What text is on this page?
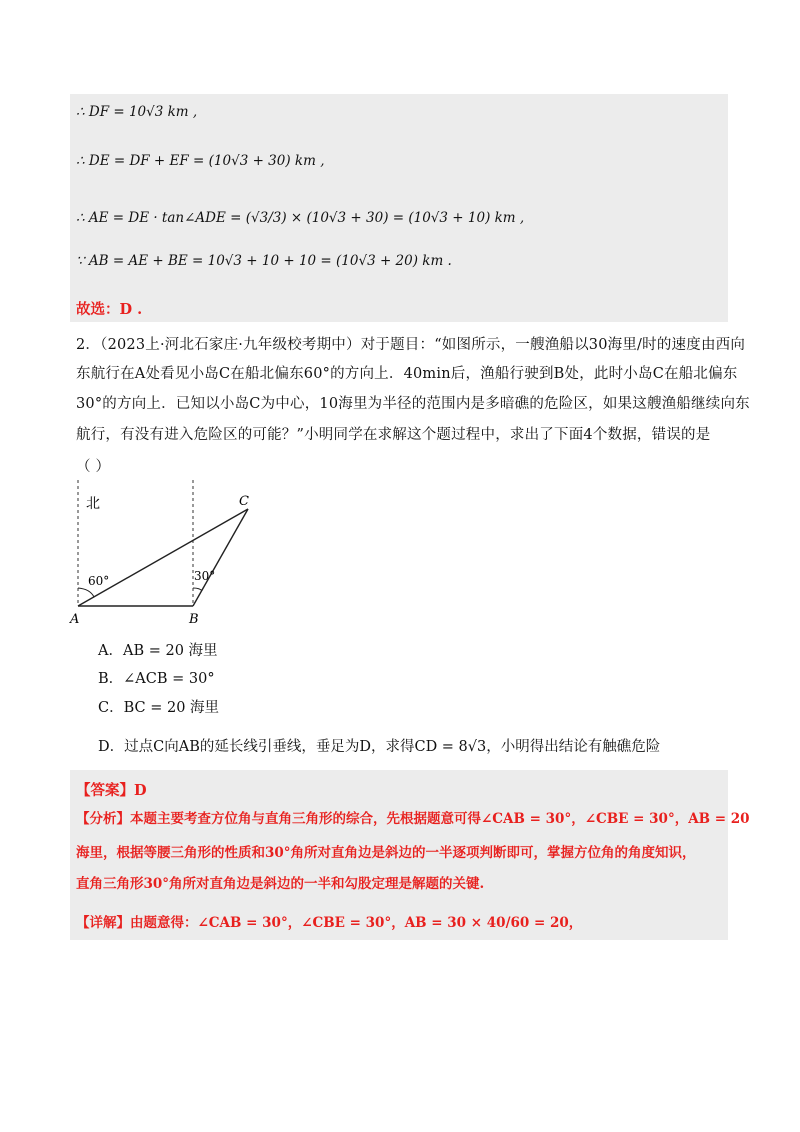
∴ DF = 10√3 km ,
∴ DE = DF + EF = (10√3 + 30) km ,
∴ AE = DE · tan∠ADE = (√3/3) × (10√3 + 30) = (10√3 + 10) km ,
∵ AB = AE + BE = 10√3 + 10 + 10 = (10√3 + 20) km .
故选：D .
2．（2023上·河北石家庄·九年级校考期中）对于题目：“如图所示，一艘渔船以30海里/时的速度由西向
东航行在A处看见小岛C在船北偏东60°的方向上．40min后，渔船行驶到B处，此时小岛C在船北偏东
30°的方向上．已知以小岛C为中心，10海里为半径的范围内是多暗礁的危险区，如果这艘渔船继续向东
航行，有没有进入危险区的可能？”小明同学在求解这个题过程中，求出了下面4个数据，错误的是
（ ）
北
60°	30°
A	B
C
A．AB = 20 海里
B．∠ACB = 30°
C．BC = 20 海里
D．过点C向AB的延长线引垂线，垂足为D，求得CD = 8√3，小明得出结论有触礁危险
【答案】D
【分析】本题主要考查方位角与直角三角形的综合，先根据题意可得∠CAB = 30°，∠CBE = 30°，AB = 20
海里，根据等腰三角形的性质和30°角所对直角边是斜边的一半逐项判断即可，掌握方位角的角度知识，
直角三角形30°角所对直角边是斜边的一半和勾股定理是解题的关键.
【详解】由题意得：∠CAB = 30°，∠CBE = 30°，AB = 30 × 40/60 = 20，
